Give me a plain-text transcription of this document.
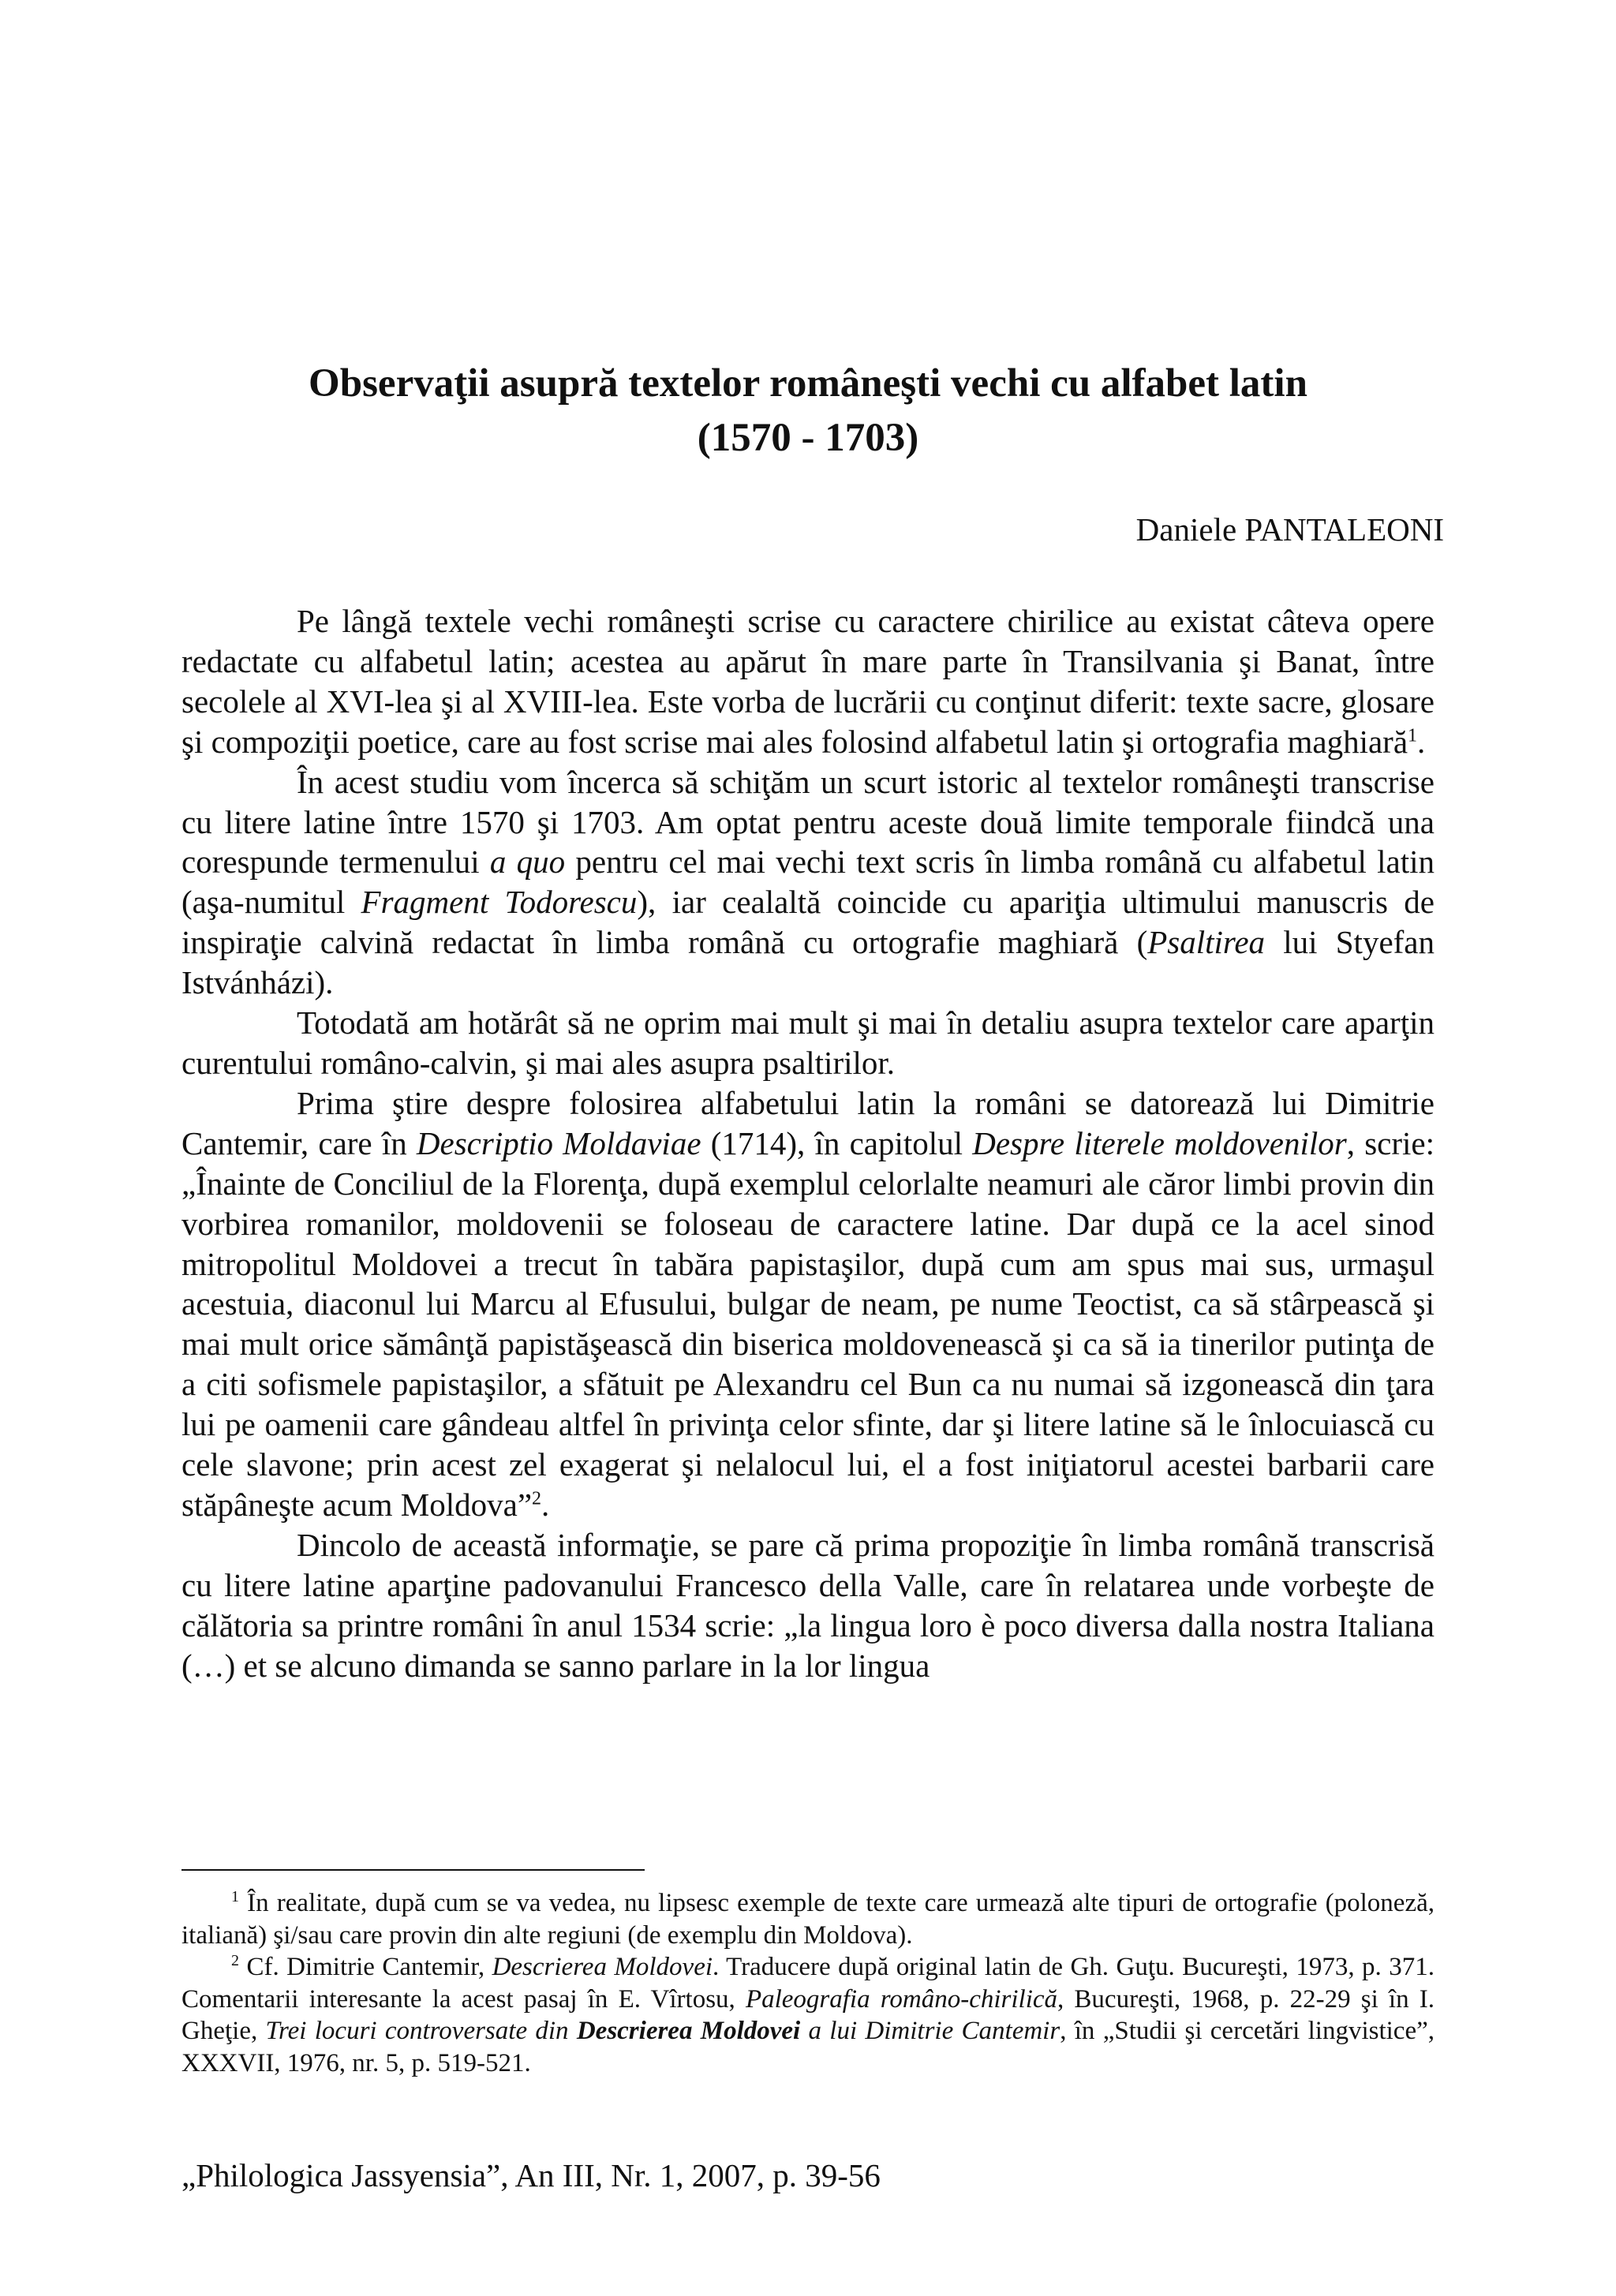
Observaţii asupră textelor româneşti vechi cu alfabet latin
(1570 - 1703)
Daniele PANTALEONI

Pe lângă textele vechi româneşti scrise cu caractere chirilice au existat câteva opere redactate cu alfabetul latin; acestea au apărut în mare parte în Transilvania şi Banat, între secolele al XVI-lea şi al XVIII-lea. Este vorba de lucrării cu conţinut diferit: texte sacre, glosare şi compoziţii poetice, care au fost scrise mai ales folosind alfabetul latin şi ortografia maghiară$^1$.

În acest studiu vom încerca să schiţăm un scurt istoric al textelor româneşti transcrise cu litere latine între 1570 şi 1703. Am optat pentru aceste două limite temporale fiindcă una corespunde termenului a quo pentru cel mai vechi text scris în limba română cu alfabetul latin (aşa-numitul Fragment Todorescu), iar cealaltă coincide cu apariţia ultimului manuscris de inspiraţie calvină redactat în limba română cu ortografie maghiară (Psaltirea lui Styefan Istvánházi).

Totodată am hotărât să ne oprim mai mult şi mai în detaliu asupra textelor care aparţin curentului româno-calvin, şi mai ales asupra psaltirilor.

Prima ştire despre folosirea alfabetului latin la români se datorează lui Dimitrie Cantemir, care în Descriptio Moldaviae (1714), în capitolul Despre literele moldovenilor, scrie: „Înainte de Conciliul de la Florenţa, după exemplul celorlalte neamuri ale căror limbi provin din vorbirea romanilor, moldovenii se foloseau de caractere latine. Dar după ce la acel sinod mitropolitul Moldovei a trecut în tabăra papistaşilor, după cum am spus mai sus, urmaşul acestuia, diaconul lui Marcu al Efusului, bulgar de neam, pe nume Teoctist, ca să stârpească şi mai mult orice sămânţă papistăşească din biserica moldovenească şi ca să ia tinerilor putinţa de a citi sofismele papistaşilor, a sfătuit pe Alexandru cel Bun ca nu numai să izgonească din ţara lui pe oamenii care gândeau altfel în privinţa celor sfinte, dar şi litere latine să le înlocuiască cu cele slavone; prin acest zel exagerat şi nelalocul lui, el a fost iniţiatorul acestei barbarii care stăpâneşte acum Moldova”$^2$.

Dincolo de această informaţie, se pare că prima propoziţie în limba română transcrisă cu litere latine aparţine padovanului Francesco della Valle, care în relatarea unde vorbeşte de călătoria sa printre români în anul 1534 scrie: „la lingua loro è poco diversa dalla nostra Italiana (…) et se alcuno dimanda se sanno parlare in la lor lingua

$^1$ În realitate, după cum se va vedea, nu lipsesc exemple de texte care urmează alte tipuri de ortografie (poloneză, italiană) şi/sau care provin din alte regiuni (de exemplu din Moldova).

$^2$ Cf. Dimitrie Cantemir, Descrierea Moldovei. Traducere după original latin de Gh. Guţu. Bucureşti, 1973, p. 371. Comentarii interesante la acest pasaj în E. Vîrtosu, Paleografia româno-chirilică, Bucureşti, 1968, p. 22-29 şi în I. Gheţie, Trei locuri controversate din Descrierea Moldovei a lui Dimitrie Cantemir, în „Studii şi cercetări lingvistice”, XXXVII, 1976, nr. 5, p. 519-521.

„Philologica Jassyensia”, An III, Nr. 1, 2007, p. 39-56
